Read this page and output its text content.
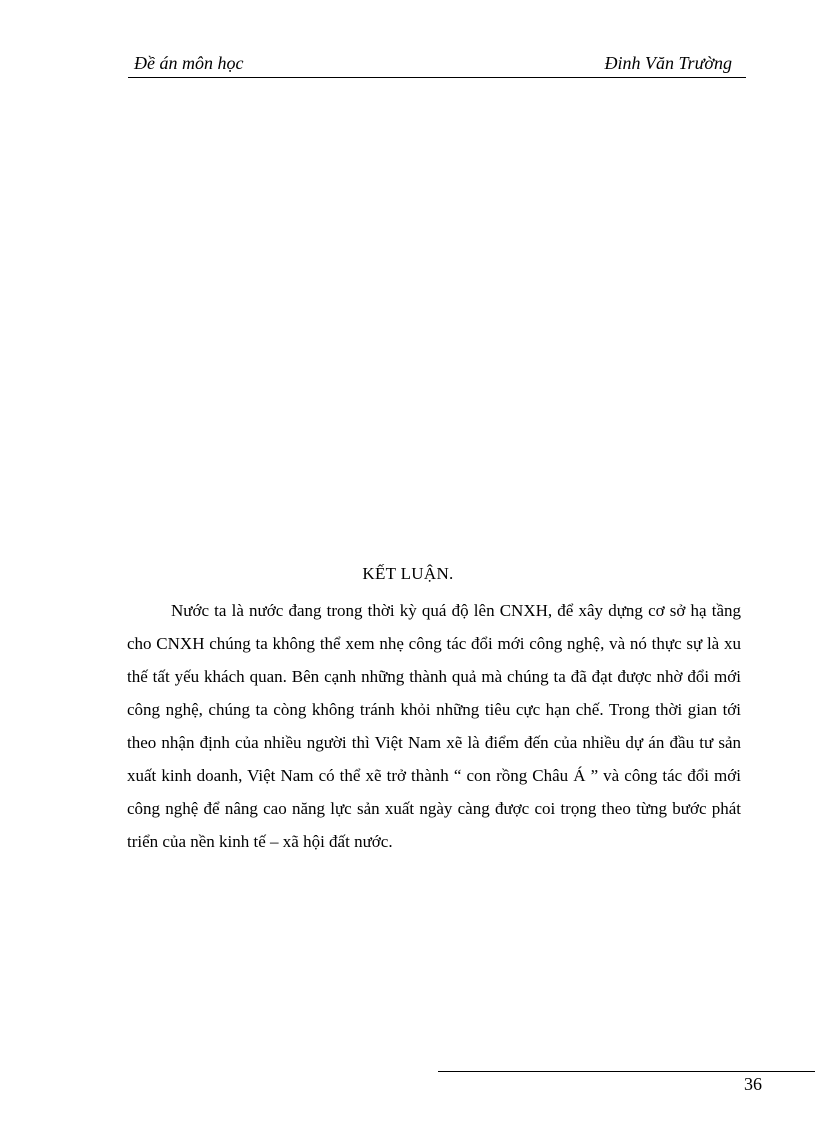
Đề án môn học	Đinh Văn Trường
KẾT LUẬN.

Nước ta là nước đang trong thời kỳ quá độ lên CNXH, để xây dựng cơ sở hạ tầng cho CNXH chúng ta không thể xem nhẹ công tác đổi mới công nghệ, và nó thực sự là xu thế tất yếu khách quan. Bên cạnh những thành quả mà chúng ta đã đạt được nhờ đổi mới công nghệ, chúng ta còng không tránh khỏi những tiêu cực hạn chế. Trong thời gian tới theo nhận định của nhiều người thì Việt Nam xẽ là điểm đến của nhiều dự án đầu tư sản xuất kinh doanh, Việt Nam có thể xẽ trở thành “ con rồng Châu Á ” và công tác đổi mới công nghệ để nâng cao năng lực sản xuất ngày càng được coi trọng theo từng bước phát triển của nền kinh tế – xã hội đất nước.

36
